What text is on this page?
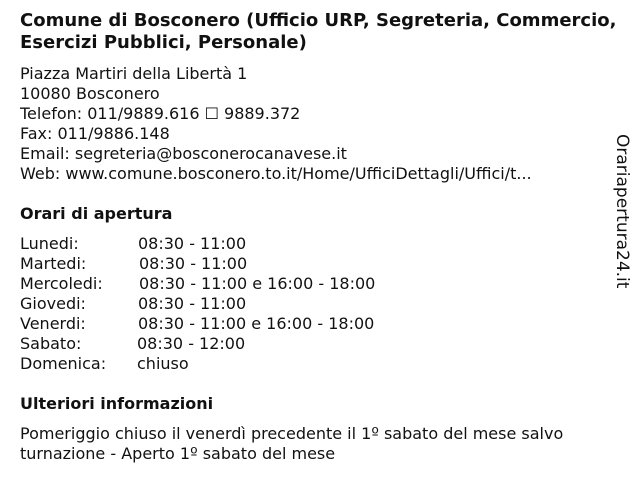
Comune di Bosconero (Ufficio URP, Segreteria, Commercio, Esercizi Pubblici, Personale)
Piazza Martiri della Libertà 1
10080 Bosconero
Telefon: 011/9889.616 ☐ 9889.372
Fax: 011/9886.148
Email: segreteria@bosconerocanavese.it
Web: www.comune.bosconero.to.it/Home/UfficiDettagli/Uffici/t...
Orari di apertura
Lunedi:	08:30 - 11:00
Martedi:	08:30 - 11:00
Mercoledi: 08:30 - 11:00 e 16:00 - 18:00
Giovedi:	08:30 - 11:00
Venerdi:	08:30 - 11:00 e 16:00 - 18:00
Sabato:	08:30 - 12:00
Domenica: chiuso
Ulteriori informazioni
Pomeriggio chiuso il venerdì precedente il 1º sabato del mese salvo turnazione - Aperto 1º sabato del mese
Orariapertura24.it
